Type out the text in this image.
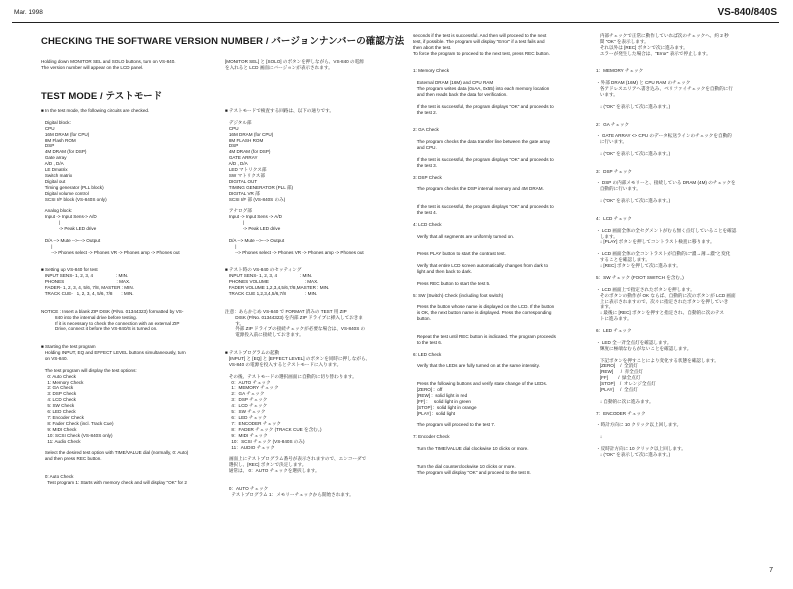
Mar. 1998	VS-840/840S
CHECKING THE SOFTWARE VERSION NUMBER / バージョンナンバーの確認方法
Holding down MONITOR SEL and SOLO buttons, turn on VS-840.
The version number will appear on the LCD panel.
[MONITOR SEL] と [SOLO] のボタンを押しながら、VS-840 の電源
を入れると LCD 画面にバージョンが表示されます。
TEST MODE / テストモード
■ In the test mode, the following circuits are checked.
Digital block:
CPU
16M DRAM (for CPU)
8M Flash ROM
DSP
4M DRAM (for DSP)
Gate array
A/D , D/A
LE Dmatrix
Switch matrix
Digital out
Timing generator (PLL block)
Digital volume control
SCSI I/F block (VS-840S only)
Analog block:
Input -> Input Sens-> A/D
|
-> Peak LED drive
D/A --> Mute -->---> Output
|
--> Phones select -> Phones VR -> Phones amp -> Phones out
■ Setting up VS-840 for test
INPUT SENS- 1, 2, 3, 4                  : MIN.
PHONES                                         : MAX.
FADER- 1, 2, 3, 4, 5/6, 7/8, MASTER : MIN.
TRACK CUE-   1, 2, 3, 4, 5/6, 7/8       : MIN.
NOTICE : Insert a blank ZIP DISK (P/No. 01344323) formatted by VS-
840 into the internal drive before testing.
If it is necessary to check the connection with an external ZIP
Drive, connect it before the VS-840/S is turned on.
■ Starting the test program
Holding INPUT, EQ and EFFECT LEVEL buttons simultaneously, turn
on VS-840.
The test program will display the test options:
0: Auto Check
1: Memory Check
2: GA Check
3: DSP Check
4: LCD Check
5: SW Check
6: LED Check
7: Encoder Check
8: Fader Check (incl. Track Cue)
9: MIDI Check
10: SCSI Check (VS-840S only)
11: Audio Check
Select the desired test option with TIME/VALUE dial (normally, 0: Auto)
and then press REC button.
0: Auto Check
Test program 1: Starts with memory check and will display "OK" for 2
■ テストモードで検査する回路は、以下の通りです。
デジタル部
CPU
16M DRAM (for CPU)
8M FLASH ROM
DSP
4M DRAM (for DSP)
GATE ARRAY
A/D , D/A
LED マトリクス部
SW マトリクス部
DIGITAL OUT
TIMING GENERATOR (PLL 部)
DIGITAL VR 部
SCSI I/F 部 (VS-840S のみ)
アナログ部
Input -> Input Sens -> A/D
|
-> Peak LED drive
D/A --> Mute -->---> Output
|
--> Phones select -> Phones VR -> Phones amp -> Phones out
■ テスト時の VS-840 のセッティング
INPUT SENS- 1, 2, 3, 4                  : MIN.
PHONES VOLUME                            : MAX.
FADER VOLUME 1,2,3,4,5/6,7/8,MASTER : MIN.
TRACK CUE 1,2,3,4,5/6,7/8               : MIN.
注意：あらかじめ VS-840 で FORMAT 済みの TEST 用 ZIP
DISK (P/No. 01344323) を内部 ZIP ドライブに挿入しておきま
す。
外部 ZIP ドライブの接続チェックが必要な場合は、VS-840S の
電源投入前に接続しておきます。
■ テストプログラムの起動
[INPUT] と [EQ] と [EFFECT LEVEL] のボタンを同時に押しながら、
VS-840 の電源を投入するとテストモードに入ります。
その後、テストモードの選択画面に自動的に切り替わります。
0：AUTO チェック
1：MEMORY チェック
2：GA チェック
3：DSP チェック
4：LCD チェック
5：SW チェック
6：LED チェック
7：ENCODER チェック
8：FADER チェック (TRACK CUE を含む。)
9：MIDI チェック
10：SCSI チェック (VS-840S のみ)
11：AUDIO チェック
画面上にテストプログラム番号が表示されますので、エンコーダで
選択し、[REC] ボタンで決定します。
通常は、 0：AUTO チェックを選択します。
0：AUTO チェック
テストプログラム 1：メモリーチェックから開始されます。
seconds if the test is successful. And then will proceed to the next
test, if possible. The program will display "Error" if a test fails and
then abort the test.
To force the program to proceed to the next test, press REC button.
1: Memory Check
External DRAM (16M) and CPU RAM
The program writes data (0xAA, 0x55) into each memory location
and then reads back the data for verification.
If the test is successful, the program displays "OK" and proceeds to
the test 2.
2: GA Check
The program checks the data transfer line between the gate array
and CPU.
If the test is successful, the program displays "OK" and proceeds to
the test 3.
3: DSP Check
The program checks the DSP internal memory and 4M DRAM.
If the test is successful, the program displays "OK" and proceeds to
the test 4.
4: LCD Check
Verify that all segments are uniformly turned on.
Press PLAY button to start the contrast test.
Verify that entire LCD screen automatically changes from dark to
light and then back to dark.
Press REC button to start the test 5.
5: SW (Switch) Check (including foot switch)
Press the button whose name is displayed on the LCD. If the button
is OK, the next button name is displayed. Press the corresponding
button.
Repeat the test until REC button is indicated. The program proceeds
to the test 6.
6: LED Check
Verify that the LEDs are fully turned on at the same intensity.
Press the following buttons and verify state change of the LEDs.
[ZERO] :  off
[REW] :  solid light in red
[FF] :     solid light in green
[STOP] :  solid light in orange
[PLAY] :  solid light
The program will proceed to the test 7.
7: Encoder Check
Turn the TIME/VALUE dial clockwise 10 clicks or more.
Turn the dial counterclockwise 10 clicks or more.
The program will display "OK" and proceed to the test 8.
内部チェックで正常に動作していれば次のチェックへ、約 2 秒
間 "OK" を表示します。
それ以外は [REC] ボタンで次に進みます。
エラーが発生した場合は、"Error" 表示で停止します。
1：MEMORY チェック
・外部 DRAM (16M) と CPU RAM のチェック
各アドレスエリアへ書き込み、ベリファイチェックを自動的に行
います。
↓ ("OK" を表示して次に進みます。)
2：GA チェック
・ GATE ARRAY <> CPU のデータ転送ラインのチェックを自動的
に行います。
↓ ("OK" を表示して次に進みます。)
3：DSP チェック
・ DSP の内部メモリーと、接続している DRAM (4M) のチェックを
自動的に行います。
↓ ("OK" を表示して次に進みます。)
4：LCD チェック
・ LCD 画面全体の全セグメントがむら無く点灯していることを確認
します。
↓ [PLAY] ボタンを押してコントラスト検査に移ります。
・ LCD 画面全体の全コントラストが自動的に"濃→薄→濃"と変化
することを確認します。
↓ [REC] ボタンを押して次に進みます。
5：SW チェック (FOOT SWITCH を含む。)
・ LCD 画面上で指定されたボタンを押します。
そのボタンの動作が OK ならば、自動的に次のボタンが LCD 画面
上に表示されますので、次々に指定されたボタンを押していき
ます。
↓ 最後に [REC] ボタンを押すと指定され、自動的に次のテス
トに進みます。
6：LED チェック
・ LED 全一斉全点灯を確認します。
輝度に極端なむらがないことを確認します。
下記ボタンを押すことにより変化する状態を確認します。
[ZERO]    /  全消灯
[REW]      /  赤全点灯
[FF]        /  緑全点灯
[STOP]    /  オレンジ全点灯
[PLAY]     /  全点灯
↓ 自動的に次に進みます。
7：ENCODER チェック
・時計方向に 10 クリック以上回します。
↓
・反時計方向に 10 クリック以上回します。
↓ ("OK" を表示して次に進みます。)
7
